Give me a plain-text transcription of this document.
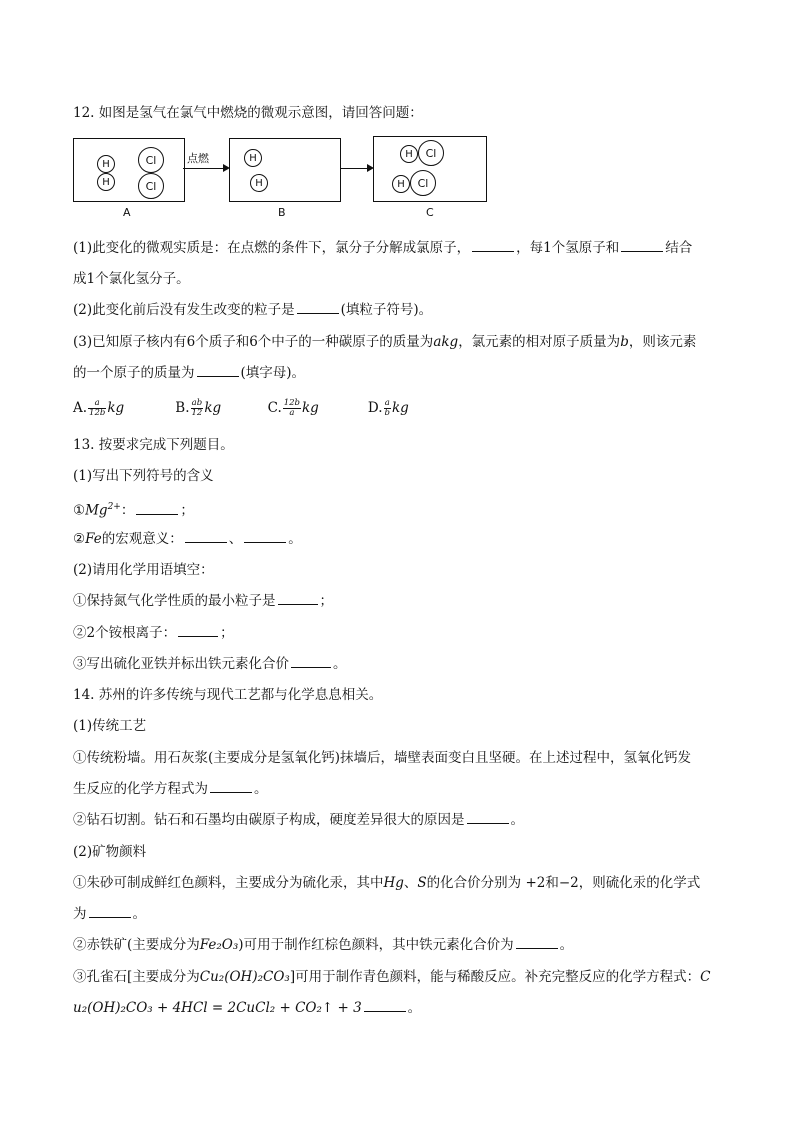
12. 如图是氢气在氯气中燃烧的微观示意图，请回答问题：
H
H
Cl
Cl
点燃	H
H
H	Cl
H	Cl
A	B	C
(1)此变化的微观实质是：在点燃的条件下，氯分子分解成氯原子，	，每1个氢原子和	结合
成1个氯化氢分子。
(2)此变化前后没有发生改变的粒子是	(填粒子符号)。
(3)已知原子核内有6个质子和6个中子的一种碳原子的质量为akg，氯元素的相对原子质量为b，则该元素
的一个原子的质量为	(填字母)。
A. $\frac{a}{12b}$ kg	B. $\frac{ab}{12}$ kg	C. $\frac{12b}{a}$ kg	D. $\frac{a}{b}$ kg
13. 按要求完成下列题目。
(1)写出下列符号的含义
$①Mg^{2+}$：	；
②Fe的宏观意义：	、	。
(2)请用化学用语填空：
①保持氮气化学性质的最小粒子是	；
②2个铵根离子：	；
③写出硫化亚铁并标出铁元素化合价	。
14. 苏州的许多传统与现代工艺都与化学息息相关。
(1)传统工艺
①传统粉墙。用石灰浆(主要成分是氢氧化钙)抹墙后，墙壁表面变白且坚硬。在上述过程中，氢氧化钙发
生反应的化学方程式为	。
②钻石切割。钻石和石墨均由碳原子构成，硬度差异很大的原因是	。
(2)矿物颜料
①朱砂可制成鲜红色颜料，主要成分为硫化汞，其中Hg、S的化合价分别为 +2和−2，则硫化汞的化学式
为	。
②赤铁矿(主要成分为Fe₂O₃)可用于制作红棕色颜料，其中铁元素化合价为	。
③孔雀石[主要成分为Cu₂(OH)₂CO₃]可用于制作青色颜料，能与稀酸反应。补充完整反应的化学方程式：C
u₂(OH)₂CO₃ + 4HCl = 2CuCl₂ + CO₂↑ + 3	。
